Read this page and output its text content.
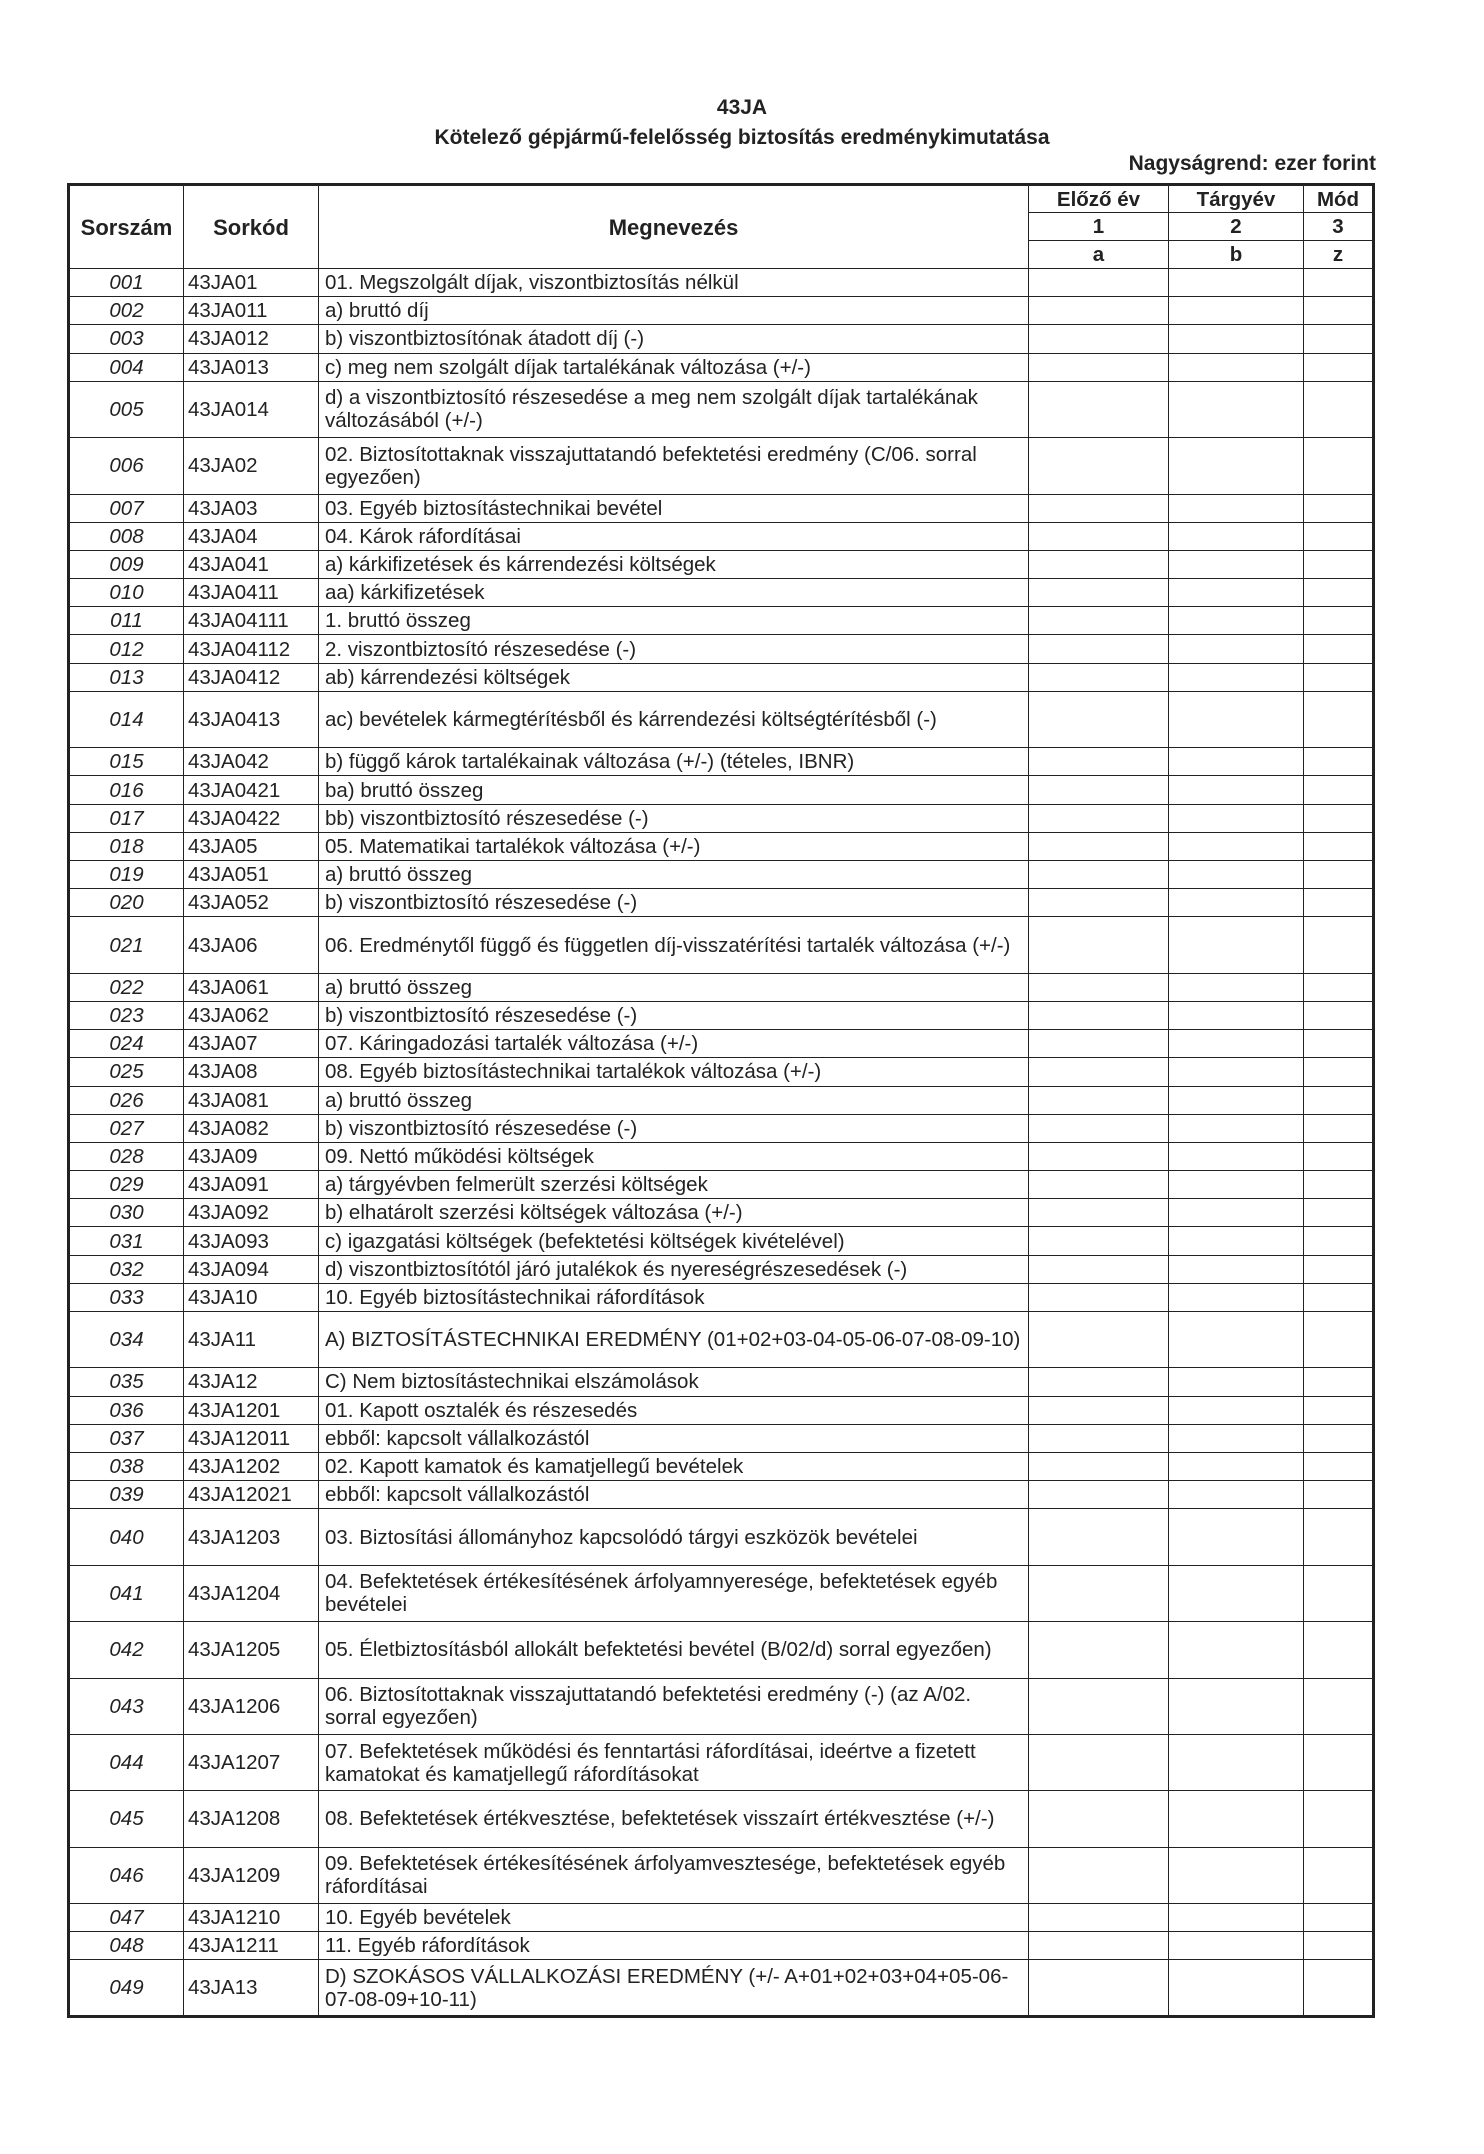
43JA
Kötelező gépjármű-felelősség biztosítás eredménykimutatása
Nagyságrend: ezer forint
Sorszám	Sorkód	Megnevezés	Előző év	Tárgyév	Mód
			1	2	3
			a	b	z
001	43JA01	01. Megszolgált díjak, viszontbiztosítás nélkül			
002	43JA011	a) bruttó díj			
003	43JA012	b) viszontbiztosítónak átadott díj (-)			
004	43JA013	c) meg nem szolgált díjak tartalékának változása (+/-)			
005	43JA014	d) a viszontbiztosító részesedése a meg nem szolgált díjak tartalékának változásából (+/-)			
006	43JA02	02. Biztosítottaknak visszajuttatandó befektetési eredmény (C/06. sorral egyezően)			
007	43JA03	03. Egyéb biztosítástechnikai bevétel			
008	43JA04	04. Károk ráfordításai			
009	43JA041	a) kárkifizetések és kárrendezési költségek			
010	43JA0411	aa) kárkifizetések			
011	43JA04111	1. bruttó összeg			
012	43JA04112	2. viszontbiztosító részesedése (-)			
013	43JA0412	ab) kárrendezési költségek			
014	43JA0413	ac) bevételek kármegtérítésből és kárrendezési költségtérítésből (-)			
015	43JA042	b) függő károk tartalékainak változása (+/-) (tételes, IBNR)			
016	43JA0421	ba) bruttó összeg			
017	43JA0422	bb) viszontbiztosító részesedése (-)			
018	43JA05	05. Matematikai tartalékok változása (+/-)			
019	43JA051	a) bruttó összeg			
020	43JA052	b) viszontbiztosító részesedése (-)			
021	43JA06	06. Eredménytől függő és független díj-visszatérítési tartalék változása (+/-)			
022	43JA061	a) bruttó összeg			
023	43JA062	b) viszontbiztosító részesedése (-)			
024	43JA07	07. Káringadozási tartalék változása (+/-)			
025	43JA08	08. Egyéb biztosítástechnikai tartalékok változása (+/-)			
026	43JA081	a) bruttó összeg			
027	43JA082	b) viszontbiztosító részesedése (-)			
028	43JA09	09. Nettó működési költségek			
029	43JA091	a) tárgyévben felmerült szerzési költségek			
030	43JA092	b) elhatárolt szerzési költségek változása (+/-)			
031	43JA093	c) igazgatási költségek (befektetési költségek kivételével)			
032	43JA094	d) viszontbiztosítótól járó jutalékok és nyereségrészesedések (-)			
033	43JA10	10. Egyéb biztosítástechnikai ráfordítások			
034	43JA11	A) BIZTOSÍTÁSTECHNIKAI EREDMÉNY (01+02+03-04-05-06-07-08-09-10)			
035	43JA12	C) Nem biztosítástechnikai elszámolások			
036	43JA1201	01. Kapott osztalék és részesedés			
037	43JA12011	ebből: kapcsolt vállalkozástól			
038	43JA1202	02. Kapott kamatok és kamatjellegű bevételek			
039	43JA12021	ebből: kapcsolt vállalkozástól			
040	43JA1203	03. Biztosítási állományhoz kapcsolódó tárgyi eszközök bevételei			
041	43JA1204	04. Befektetések értékesítésének árfolyamnyeresége, befektetések egyéb bevételei			
042	43JA1205	05. Életbiztosításból allokált befektetési bevétel (B/02/d) sorral egyezően)			
043	43JA1206	06. Biztosítottaknak visszajuttatandó befektetési eredmény (-) (az A/02. sorral egyezően)			
044	43JA1207	07. Befektetések működési és fenntartási ráfordításai, ideértve a fizetett kamatokat és kamatjellegű ráfordításokat			
045	43JA1208	08. Befektetések értékvesztése, befektetések visszaírt értékvesztése (+/-)			
046	43JA1209	09. Befektetések értékesítésének árfolyamvesztesége, befektetések egyéb ráfordításai			
047	43JA1210	10. Egyéb bevételek			
048	43JA1211	11. Egyéb ráfordítások			
049	43JA13	D) SZOKÁSOS VÁLLALKOZÁSI EREDMÉNY (+/- A+01+02+03+04+05-06-07-08-09+10-11)			
